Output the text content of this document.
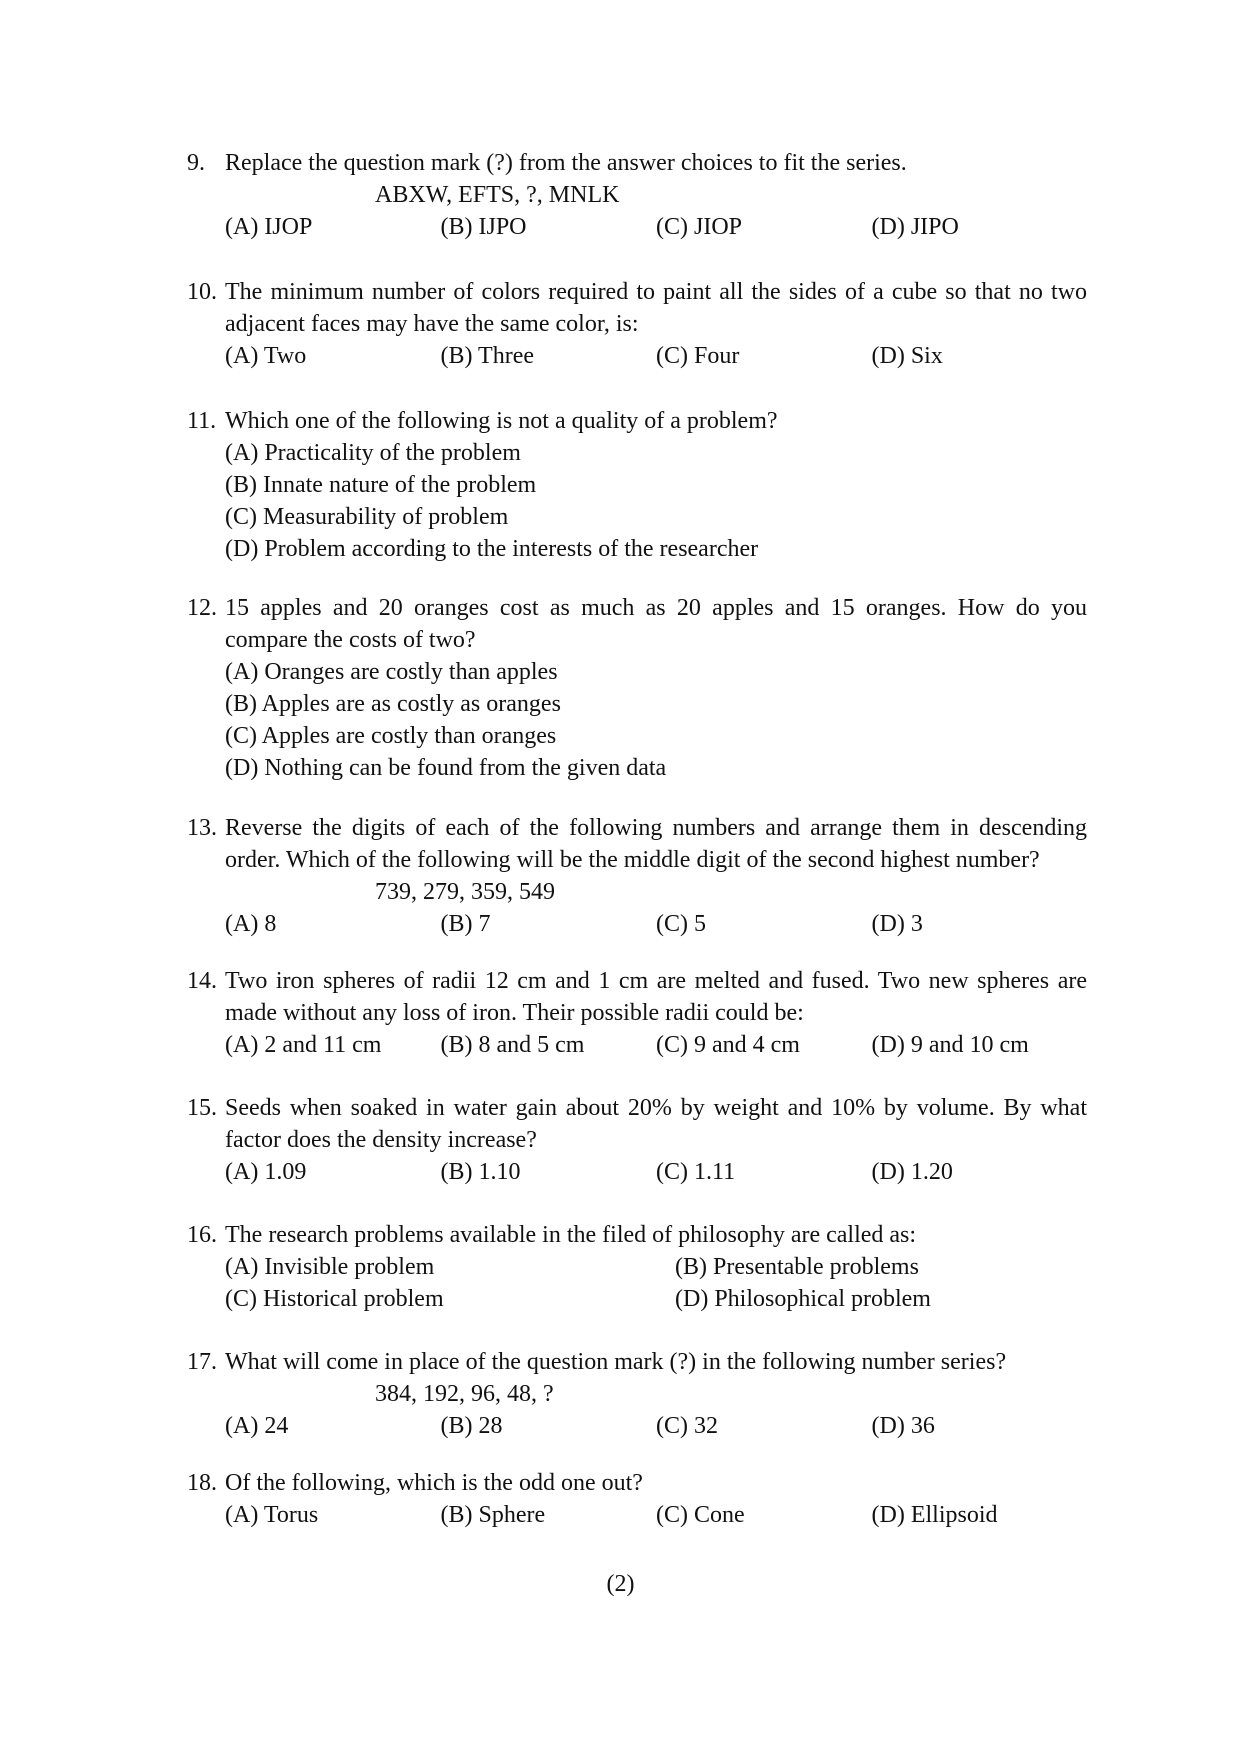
9. Replace the question mark (?) from the answer choices to fit the series.
ABXW, EFTS, ?, MNLK
(A) IJOP	(B) IJPO	(C) JIOP	(D) JIPO
10. The minimum number of colors required to paint all the sides of a cube so that no two adjacent faces may have the same color, is:
(A) Two	(B) Three	(C) Four	(D) Six
11. Which one of the following is not a quality of a problem?
(A) Practicality of the problem
(B) Innate nature of the problem
(C) Measurability of problem
(D) Problem according to the interests of the researcher
12. 15 apples and 20 oranges cost as much as 20 apples and 15 oranges. How do you compare the costs of two?
(A) Oranges are costly than apples
(B) Apples are as costly as oranges
(C) Apples are costly than oranges
(D) Nothing can be found from the given data
13. Reverse the digits of each of the following numbers and arrange them in descending order. Which of the following will be the middle digit of the second highest number?
739, 279, 359, 549
(A) 8	(B) 7	(C) 5	(D) 3
14. Two iron spheres of radii 12 cm and 1 cm are melted and fused. Two new spheres are made without any loss of iron. Their possible radii could be:
(A) 2 and 11 cm	(B) 8 and 5 cm	(C) 9 and 4 cm	(D) 9 and 10 cm
15. Seeds when soaked in water gain about 20% by weight and 10% by volume. By what factor does the density increase?
(A) 1.09	(B) 1.10	(C) 1.11	(D) 1.20
16. The research problems available in the filed of philosophy are called as:
(A) Invisible problem	(B) Presentable problems
(C) Historical problem	(D) Philosophical problem
17. What will come in place of the question mark (?) in the following number series?
384, 192, 96, 48, ?
(A) 24	(B) 28	(C) 32	(D) 36
18. Of the following, which is the odd one out?
(A) Torus	(B) Sphere	(C) Cone	(D) Ellipsoid
(2)
